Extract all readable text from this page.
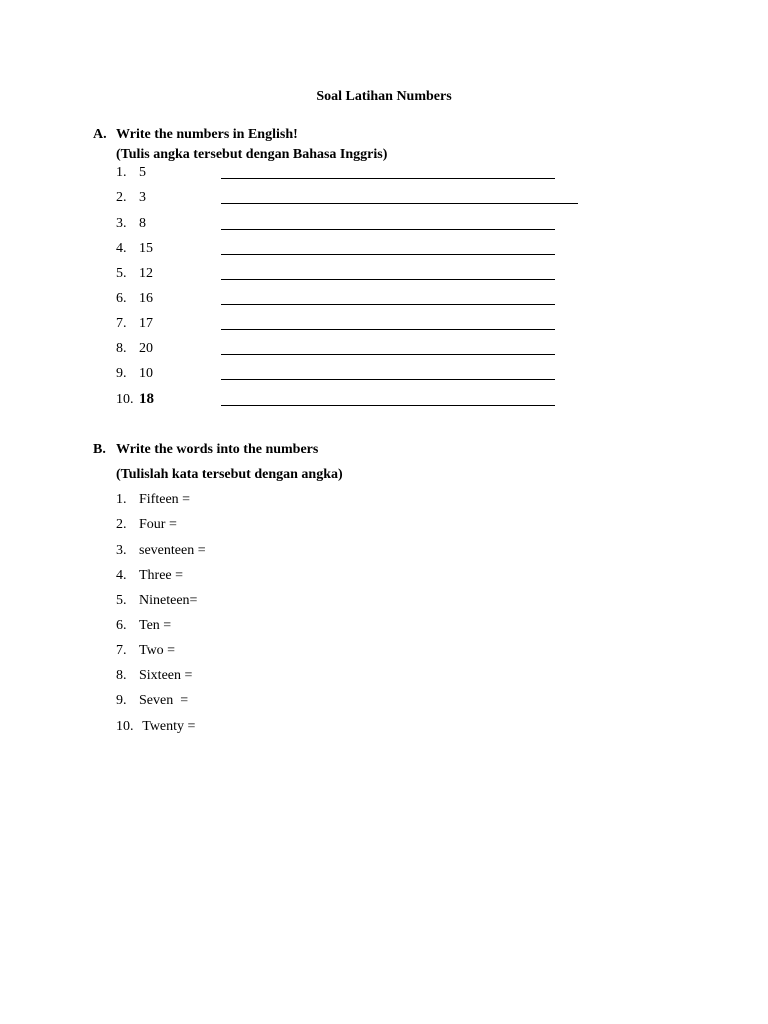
Soal Latihan Numbers
A. Write the numbers in English!
(Tulis angka tersebut dengan Bahasa Inggris)
1. 5
2. 3
3. 8
4. 15
5. 12
6. 16
7. 17
8. 20
9. 10
10. 18
B. Write the words into the numbers
(Tulislah kata tersebut dengan angka)
1. Fifteen =
2. Four =
3. seventeen =
4. Three =
5. Nineteen=
6. Ten =
7. Two =
8. Sixteen =
9. Seven  =
10. Twenty =
